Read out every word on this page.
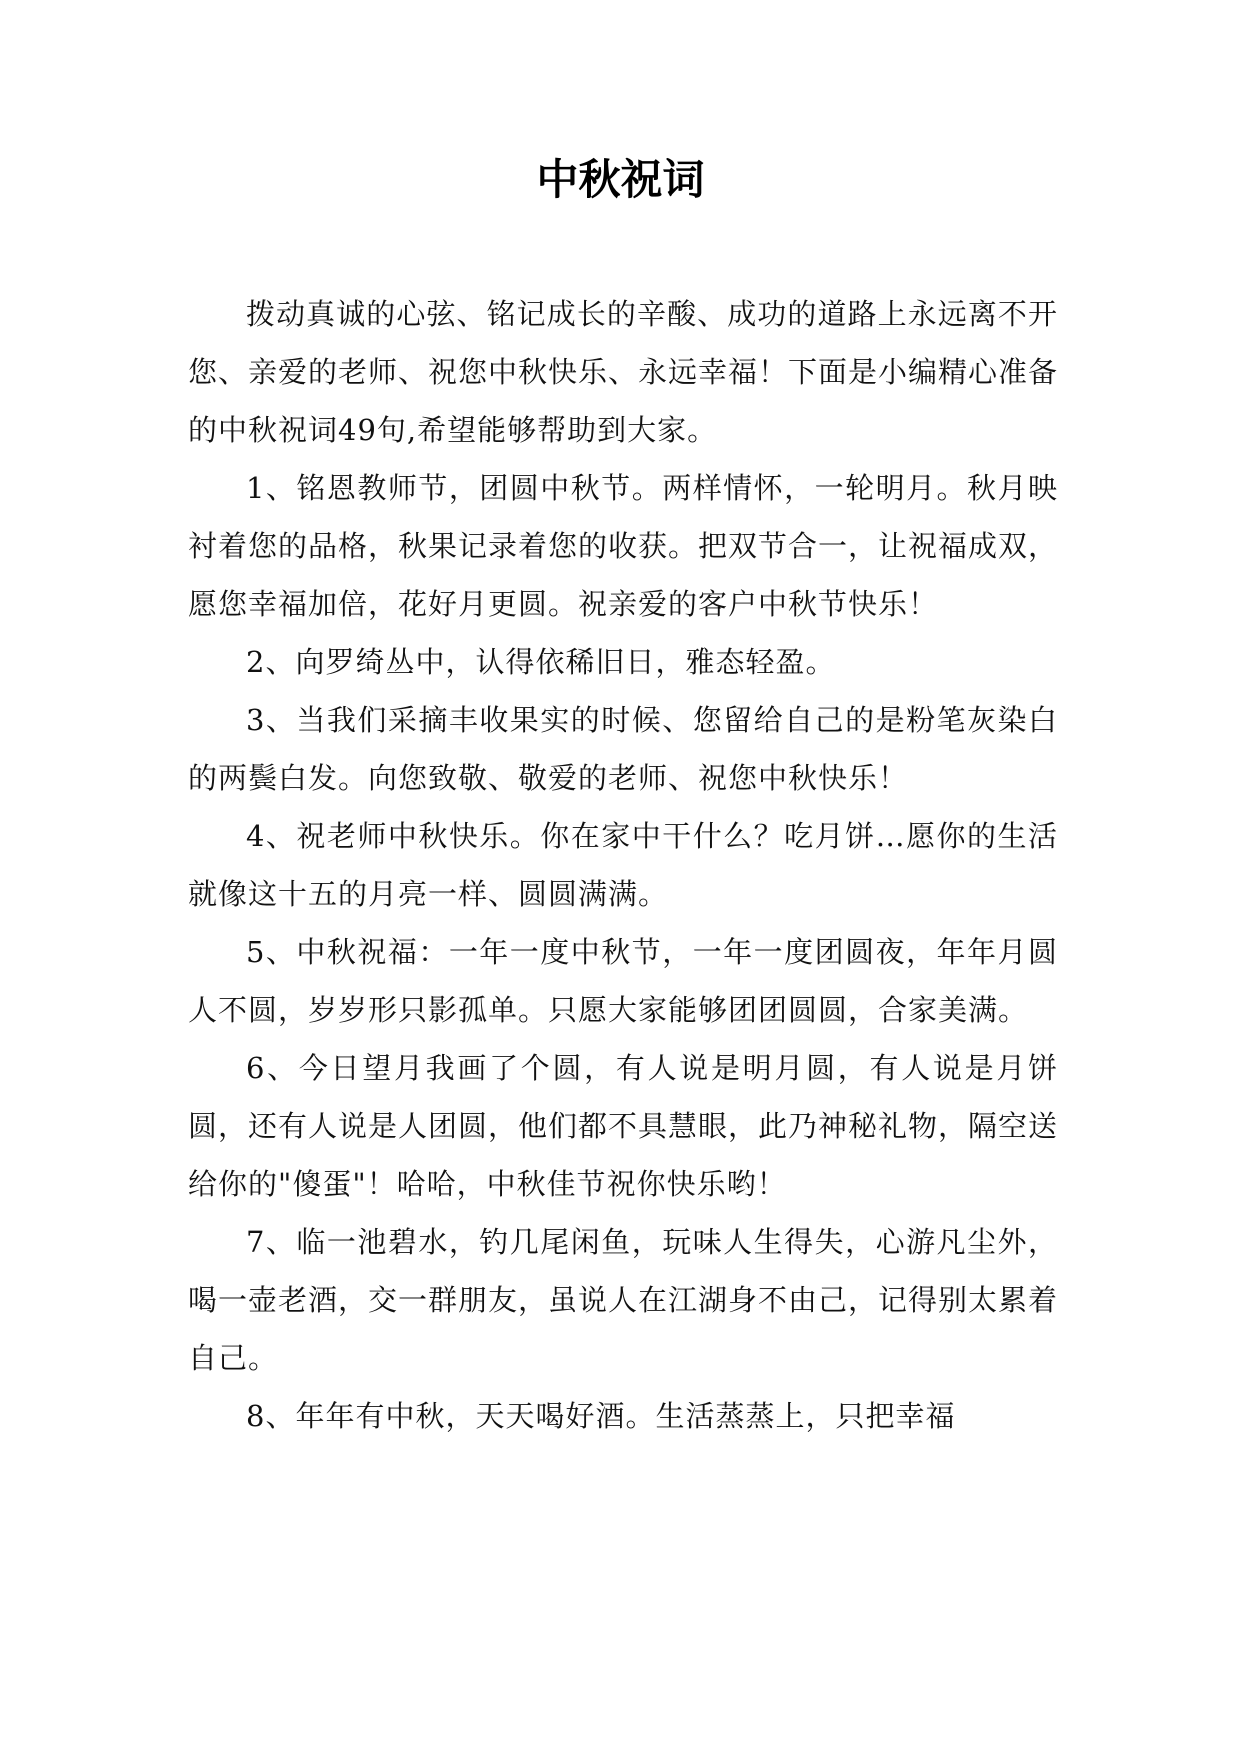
中秋祝词

拨动真诚的心弦、铭记成长的辛酸、成功的道路上永远离不开您、亲爱的老师、祝您中秋快乐、永远幸福！下面是小编精心准备的中秋祝词49句,希望能够帮助到大家。

1、铭恩教师节，团圆中秋节。两样情怀，一轮明月。秋月映衬着您的品格，秋果记录着您的收获。把双节合一，让祝福成双，愿您幸福加倍，花好月更圆。祝亲爱的客户中秋节快乐！

2、向罗绮丛中，认得依稀旧日，雅态轻盈。

3、当我们采摘丰收果实的时候、您留给自己的是粉笔灰染白的两鬓白发。向您致敬、敬爱的老师、祝您中秋快乐！

4、祝老师中秋快乐。你在家中干什么？吃月饼…愿你的生活就像这十五的月亮一样、圆圆满满。

5、中秋祝福：一年一度中秋节，一年一度团圆夜，年年月圆人不圆，岁岁形只影孤单。只愿大家能够团团圆圆，合家美满。

6、今日望月我画了个圆，有人说是明月圆，有人说是月饼圆，还有人说是人团圆，他们都不具慧眼，此乃神秘礼物，隔空送给你的"傻蛋"！哈哈，中秋佳节祝你快乐哟！

7、临一池碧水，钓几尾闲鱼，玩味人生得失，心游凡尘外，喝一壶老酒，交一群朋友，虽说人在江湖身不由己，记得别太累着自己。

8、年年有中秋，天天喝好酒。生活蒸蒸上，只把幸福
